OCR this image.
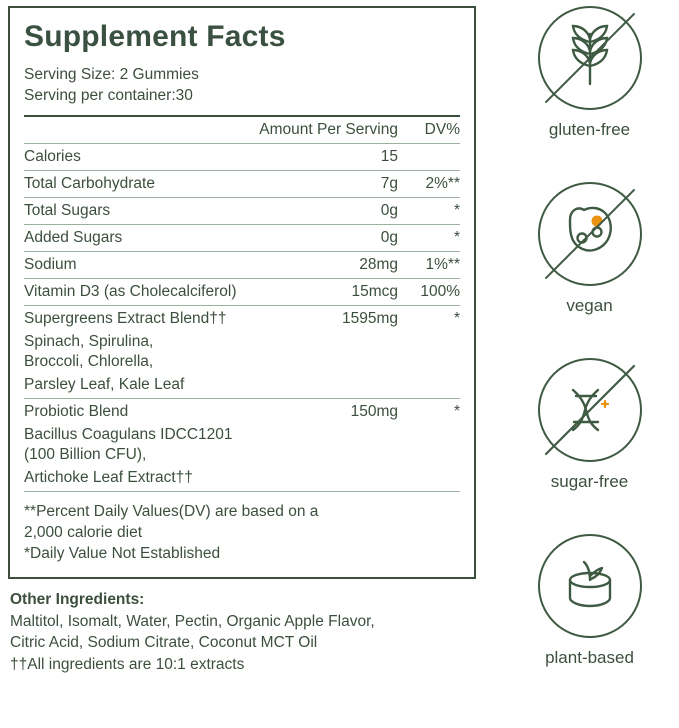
Supplement Facts
Serving Size: 2 Gummies
Serving per container:30
	Amount Per Serving	DV%
Calories	15	
Total Carbohydrate	7g	2%**
Total Sugars	0g	*
Added Sugars	0g	*
Sodium	28mg	1%**
Vitamin D3 (as Cholecalciferol)	15mcg	100%
Supergreens Extract Blend††	1595mg	*
Spinach, Spirulina,		
Broccoli, Chlorella,		
Parsley Leaf, Kale Leaf		
Probiotic Blend	150mg	*
Bacillus Coagulans IDCC1201		
(100 Billion CFU),		
Artichoke Leaf Extract††		
**Percent Daily Values(DV) are based on a
2,000 calorie diet
*Daily Value Not Established
Other Ingredients:
Maltitol, Isomalt, Water, Pectin, Organic Apple Flavor,
Citric Acid, Sodium Citrate, Coconut MCT Oil
††All ingredients are 10:1 extracts
gluten-free
vegan
sugar-free
plant-based
